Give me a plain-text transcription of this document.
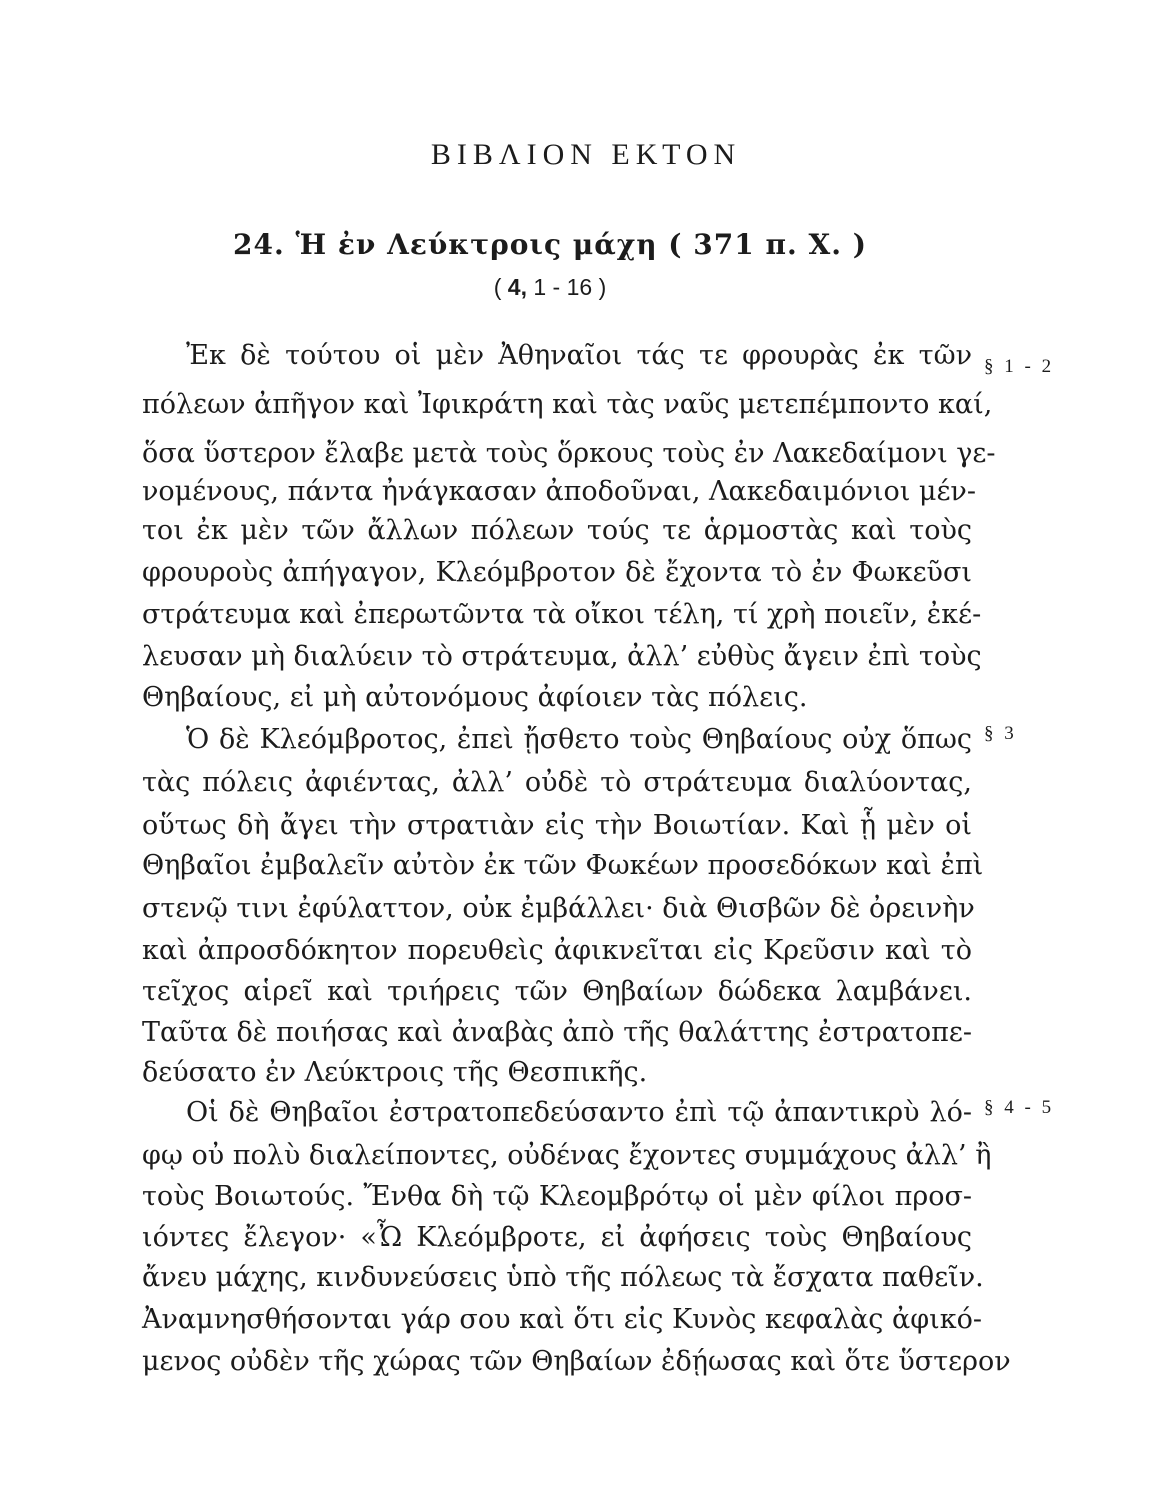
ΒΙΒΛΙΟΝ ΕΚΤΟΝ
24. Ἡ ἐν Λεύκτροις μάχη ( 371 π. Χ. )
( 4, 1 - 16 )
Ἐκ δὲ τούτου οἱ μὲν Ἀθηναῖοι τάς τε φρουρὰς ἐκ τῶν
πόλεων ἀπῆγον καὶ Ἰφικράτη καὶ τὰς ναῦς μετεπέμποντο καί,
ὅσα ὕστερον ἔλαβε μετὰ τοὺς ὅρκους τοὺς ἐν Λακεδαίμονι γε-
νομένους, πάντα ἠνάγκασαν ἀποδοῦναι, Λακεδαιμόνιοι μέν-
τοι ἐκ μὲν τῶν ἄλλων πόλεων τούς τε ἁρμοστὰς καὶ τοὺς
φρουροὺς ἀπήγαγον, Κλεόμβροτον δὲ ἔχοντα τὸ ἐν Φωκεῦσι
στράτευμα καὶ ἐπερωτῶντα τὰ οἴκοι τέλη, τί χρὴ ποιεῖν, ἐκέ-
λευσαν μὴ διαλύειν τὸ στράτευμα, ἀλλ’ εὐθὺς ἄγειν ἐπὶ τοὺς
Θηβαίους, εἰ μὴ αὐτονόμους ἀφίοιεν τὰς πόλεις.
Ὁ δὲ Κλεόμβροτος, ἐπεὶ ᾔσθετο τοὺς Θηβαίους οὐχ ὅπως
τὰς πόλεις ἀφιέντας, ἀλλ’ οὐδὲ τὸ στράτευμα διαλύοντας,
οὕτως δὴ ἄγει τὴν στρατιὰν εἰς τὴν Βοιωτίαν. Καὶ ᾗ μὲν οἱ
Θηβαῖοι ἐμβαλεῖν αὐτὸν ἐκ τῶν Φωκέων προσεδόκων καὶ ἐπὶ
στενῷ τινι ἐφύλαττον, οὐκ ἐμβάλλει· διὰ Θισβῶν δὲ ὀρεινὴν
καὶ ἀπροσδόκητον πορευθεὶς ἀφικνεῖται εἰς Κρεῦσιν καὶ τὸ
τεῖχος αἱρεῖ καὶ τριήρεις τῶν Θηβαίων δώδεκα λαμβάνει.
Ταῦτα δὲ ποιήσας καὶ ἀναβὰς ἀπὸ τῆς θαλάττης ἐστρατοπε-
δεύσατο ἐν Λεύκτροις τῆς Θεσπικῆς.
Οἱ δὲ Θηβαῖοι ἐστρατοπεδεύσαντο ἐπὶ τῷ ἀπαντικρὺ λό-
φῳ οὐ πολὺ διαλείποντες, οὐδένας ἔχοντες συμμάχους ἀλλ’ ἢ
τοὺς Βοιωτούς. Ἔνθα δὴ τῷ Κλεομβρότῳ οἱ μὲν φίλοι προσ-
ιόντες ἔλεγον· «Ὦ Κλεόμβροτε, εἰ ἀφήσεις τοὺς Θηβαίους
ἄνευ μάχης, κινδυνεύσεις ὑπὸ τῆς πόλεως τὰ ἔσχατα παθεῖν.
Ἀναμνησθήσονται γάρ σου καὶ ὅτι εἰς Κυνὸς κεφαλὰς ἀφικό-
μενος οὐδὲν τῆς χώρας τῶν Θηβαίων ἐδῄωσας καὶ ὅτε ὕστερον
§ 1 - 2
§ 3
§ 4 - 5
